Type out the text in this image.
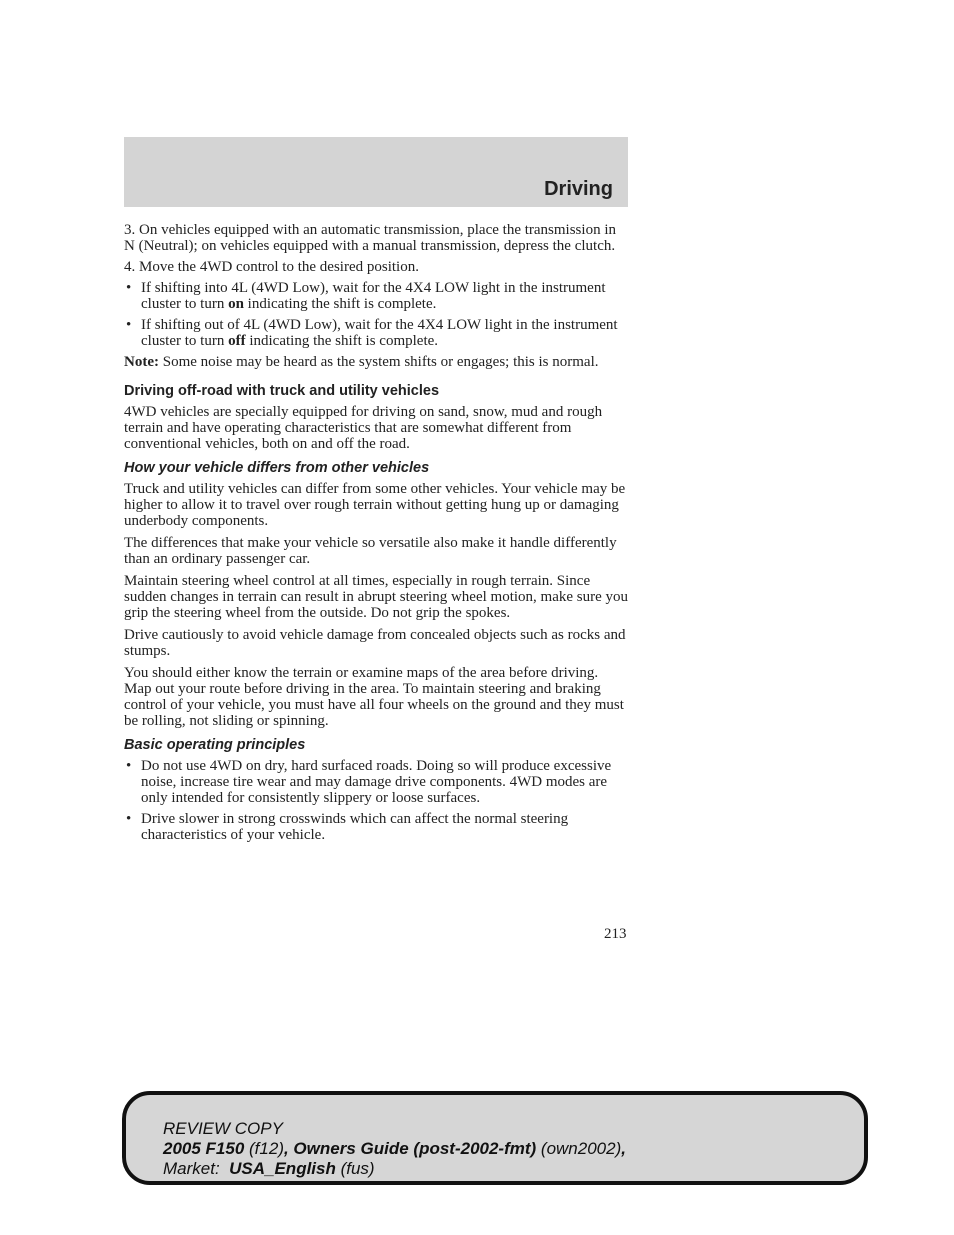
Driving

3. On vehicles equipped with an automatic transmission, place the transmission in N (Neutral); on vehicles equipped with a manual transmission, depress the clutch.

4. Move the 4WD control to the desired position.

• If shifting into 4L (4WD Low), wait for the 4X4 LOW light in the instrument cluster to turn on indicating the shift is complete.
• If shifting out of 4L (4WD Low), wait for the 4X4 LOW light in the instrument cluster to turn off indicating the shift is complete.

Note: Some noise may be heard as the system shifts or engages; this is normal.

Driving off-road with truck and utility vehicles

4WD vehicles are specially equipped for driving on sand, snow, mud and rough terrain and have operating characteristics that are somewhat different from conventional vehicles, both on and off the road.

How your vehicle differs from other vehicles

Truck and utility vehicles can differ from some other vehicles. Your vehicle may be higher to allow it to travel over rough terrain without getting hung up or damaging underbody components.

The differences that make your vehicle so versatile also make it handle differently than an ordinary passenger car.

Maintain steering wheel control at all times, especially in rough terrain. Since sudden changes in terrain can result in abrupt steering wheel motion, make sure you grip the steering wheel from the outside. Do not grip the spokes.

Drive cautiously to avoid vehicle damage from concealed objects such as rocks and stumps.

You should either know the terrain or examine maps of the area before driving. Map out your route before driving in the area. To maintain steering and braking control of your vehicle, you must have all four wheels on the ground and they must be rolling, not sliding or spinning.

Basic operating principles
• Do not use 4WD on dry, hard surfaced roads. Doing so will produce excessive noise, increase tire wear and may damage drive components. 4WD modes are only intended for consistently slippery or loose surfaces.
• Drive slower in strong crosswinds which can affect the normal steering characteristics of your vehicle.
213
REVIEW COPY
2005 F150 (f12), Owners Guide (post-2002-fmt) (own2002),
Market:  USA_English (fus)
